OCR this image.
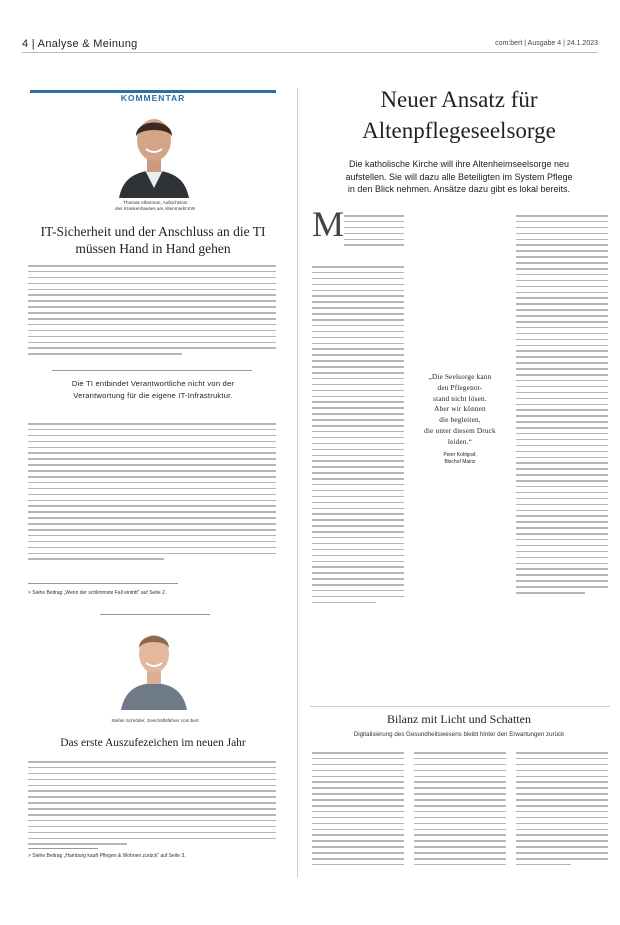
4 | Analyse & Meinung	com:bert | Ausgabe 4 | 24.1.2023
KOMMENTAR
Thomas Alberman, Aufsichtsrat
des Krankenhauses am Altenmarkt KW
IT-Sicherheit und der Anschluss an die TI
müssen Hand in Hand gehen
Die TI entbindet Verantwortliche nicht von der
Verantwortung für die eigene IT-Infrastruktur.
> Siehe Beitrag „Wenn der schlimmste Fall eintritt“ auf Seite 2.
Stefan Schröder, Geschäftsführer com:bert
Das erste Auszufezeichen im neuen Jahr
> Siehe Beitrag „Hamburg kauft Pflegen & Wohnen zurück“ auf Seite 3.
Neuer Ansatz für
Altenpflegeseelsorge
Die katholische Kirche will ihre Altenheimseelsorge neu
aufstellen. Sie will dazu alle Beteiligten im System Pflege
in den Blick nehmen. Ansätze dazu gibt es lokal bereits.
M
„Die Seelsorge kann
den Pflegenot-
stand nicht lösen.
Aber wir können
die begleiten,
die unter diesem Druck
leiden.“
Peter Kohlgraf,
Bischof Mainz
Bilanz mit Licht und Schatten
Digitalisierung des Gesundheitswesens bleibt hinter den Erwartungen zurück
